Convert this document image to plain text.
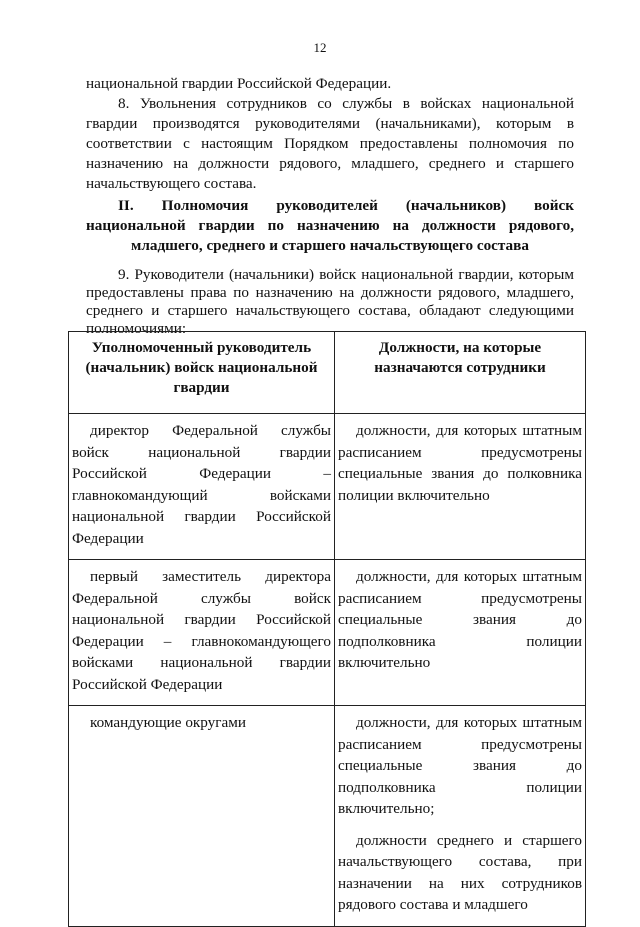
12
национальной гвардии Российской Федерации.
8. Увольнения сотрудников со службы в войсках национальной гвардии производятся руководителями (начальниками), которым в соответствии с настоящим Порядком предоставлены полномочия по назначению на должности рядового, младшего, среднего и старшего начальствующего состава.
II. Полномочия руководителей (начальников) войск национальной гвардии по назначению на должности рядового, младшего, среднего и старшего начальствующего состава
9. Руководители (начальники) войск национальной гвардии, которым предоставлены права по назначению на должности рядового, младшего, среднего и старшего начальствующего состава, обладают следующими полномочиями:
Уполномоченный руководитель (начальник) войск национальной гвардии	Должности, на которые назначаются сотрудники

директор Федеральной службы войск национальной гвардии Российской Федерации – главнокомандующий войсками национальной гвардии Российской Федерации	должности, для которых штатным расписанием предусмотрены специальные звания до полковника полиции включительно

первый заместитель директора Федеральной службы войск национальной гвардии Российской Федерации – главнокомандующего войсками национальной гвардии Российской Федерации	должности, для которых штатным расписанием предусмотрены специальные звания до подполковника полиции включительно

командующие округами	должности, для которых штатным расписанием предусмотрены специальные звания до подполковника полиции включительно;
должности среднего и старшего начальствующего состава, при назначении на них сотрудников рядового состава и младшего
